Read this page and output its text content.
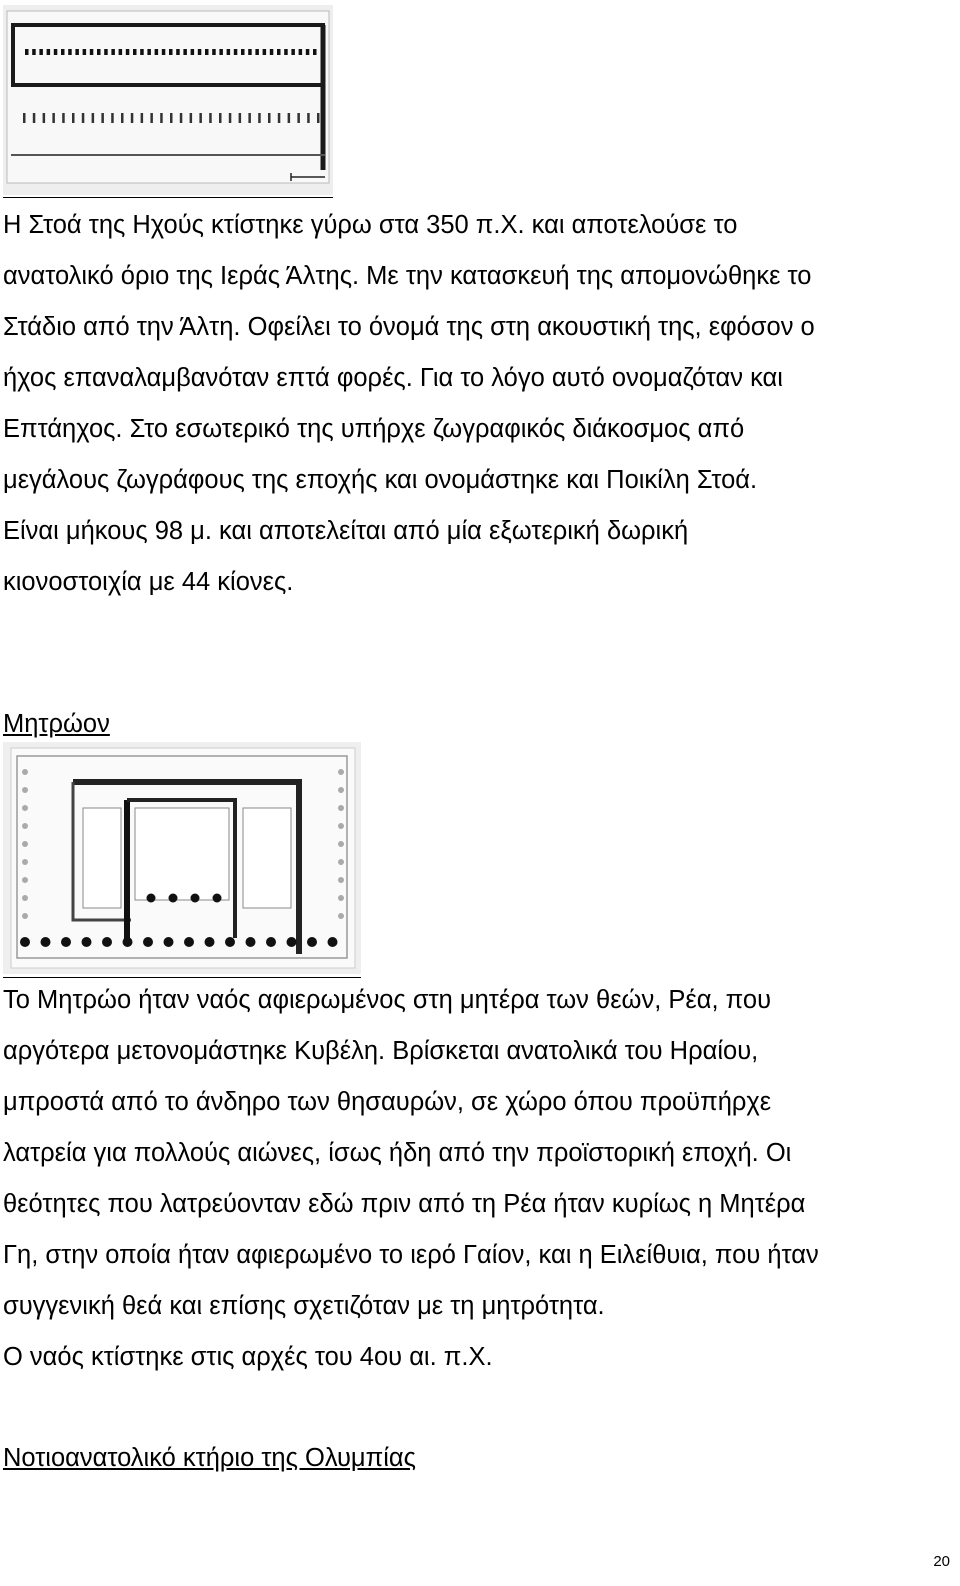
Η Στοά της Ηχούς κτίστηκε γύρω στα 350 π.Χ. και αποτελούσε το
ανατολικό όριο της Ιεράς Άλτης. Με την κατασκευή της απομονώθηκε το
Στάδιο από την Άλτη. Οφείλει το όνομά της στη ακουστική της, εφόσον ο
ήχος επαναλαμβανόταν επτά φορές. Για το λόγο αυτό ονομαζόταν και
Επτάηχος. Στο εσωτερικό της υπήρχε ζωγραφικός διάκοσμος από
μεγάλους ζωγράφους της εποχής και ονομάστηκε και Ποικίλη Στοά.
Είναι μήκους 98 μ. και αποτελείται από μία εξωτερική δωρική
κιονοστοιχία με 44 κίονες.
Μητρώον
Το Μητρώο ήταν ναός αφιερωμένος στη μητέρα των θεών, Ρέα, που
αργότερα μετονομάστηκε Κυβέλη. Βρίσκεται ανατολικά του Ηραίου,
μπροστά από το άνδηρο των θησαυρών, σε χώρο όπου προϋπήρχε
λατρεία για πολλούς αιώνες, ίσως ήδη από την προϊστορική εποχή. Οι
θεότητες που λατρεύονταν εδώ πριν από τη Ρέα ήταν κυρίως η Μητέρα
Γη, στην οποία ήταν αφιερωμένο το ιερό Γαίον, και η Ειλείθυια, που ήταν
συγγενική θεά και επίσης σχετιζόταν με τη μητρότητα.
Ο ναός κτίστηκε στις αρχές του 4ου αι. π.Χ.
Νοτιοανατολικό κτήριο της Ολυμπίας
20
